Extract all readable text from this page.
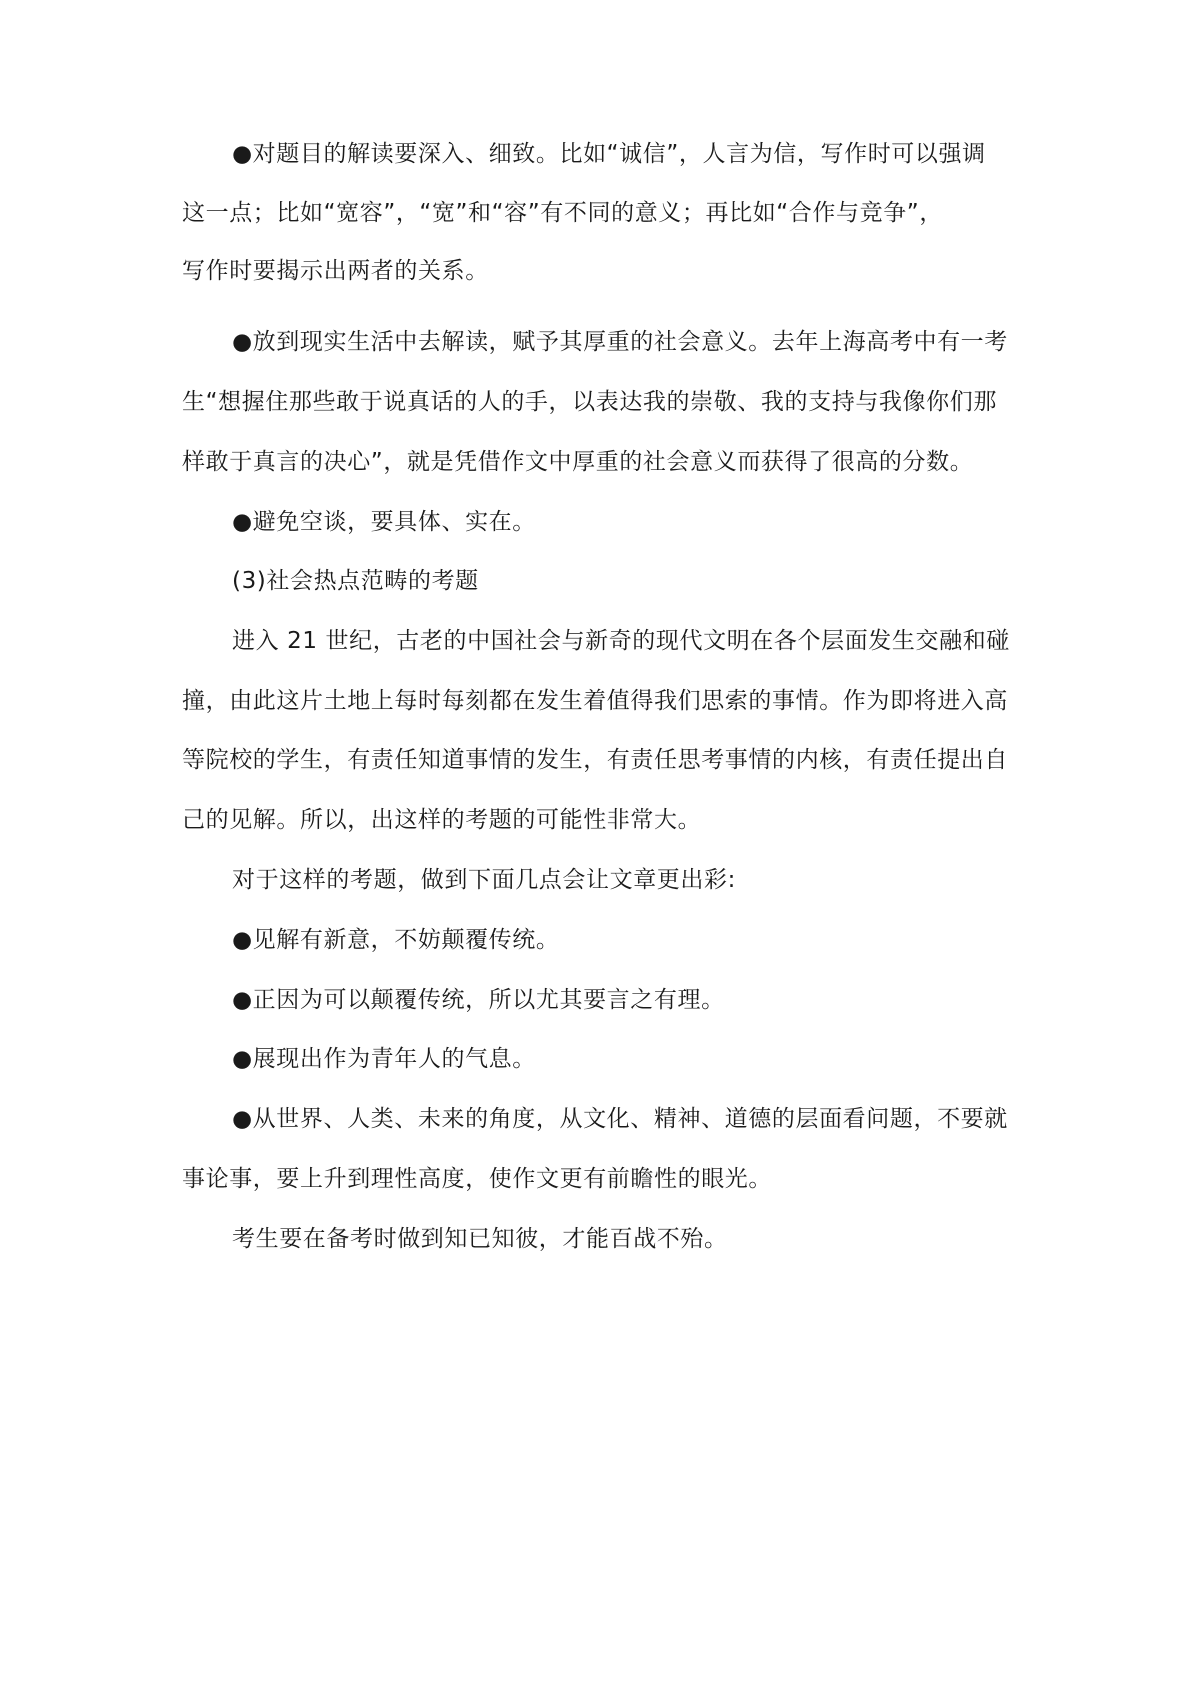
●对题目的解读要深入、细致。比如“诚信”，人言为信，写作时可以强调

这一点；比如“宽容”，“宽”和“容”有不同的意义；再比如“合作与竞争”，

写作时要揭示出两者的关系。

●放到现实生活中去解读，赋予其厚重的社会意义。去年上海高考中有一考

生“想握住那些敢于说真话的人的手，以表达我的崇敬、我的支持与我像你们那

样敢于真言的决心”，就是凭借作文中厚重的社会意义而获得了很高的分数。

●避免空谈，要具体、实在。

(3)社会热点范畴的考题

进入 21 世纪，古老的中国社会与新奇的现代文明在各个层面发生交融和碰

撞，由此这片土地上每时每刻都在发生着值得我们思索的事情。作为即将进入高

等院校的学生，有责任知道事情的发生，有责任思考事情的内核，有责任提出自

己的见解。所以，出这样的考题的可能性非常大。

对于这样的考题，做到下面几点会让文章更出彩:

●见解有新意，不妨颠覆传统。

●正因为可以颠覆传统，所以尤其要言之有理。

●展现出作为青年人的气息。

●从世界、人类、未来的角度，从文化、精神、道德的层面看问题，不要就

事论事，要上升到理性高度，使作文更有前瞻性的眼光。

考生要在备考时做到知已知彼，才能百战不殆。
